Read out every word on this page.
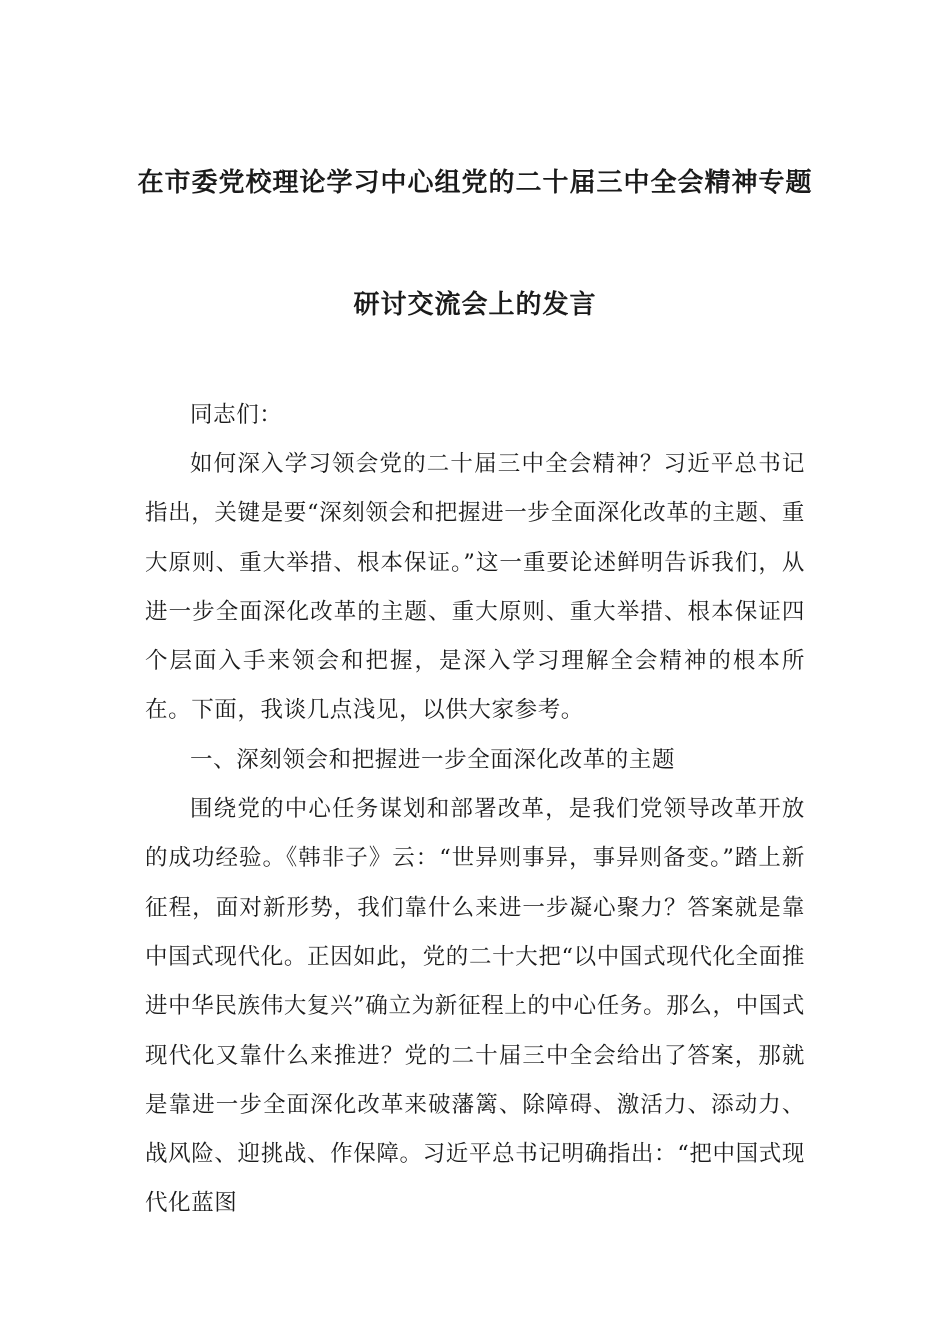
在市委党校理论学习中心组党的二十届三中全会精神专题
研讨交流会上的发言

同志们：

如何深入学习领会党的二十届三中全会精神？习近平总书记指出，关键是要“深刻领会和把握进一步全面深化改革的主题、重大原则、重大举措、根本保证。”这一重要论述鲜明告诉我们，从进一步全面深化改革的主题、重大原则、重大举措、根本保证四个层面入手来领会和把握，是深入学习理解全会精神的根本所在。下面，我谈几点浅见，以供大家参考。

一、深刻领会和把握进一步全面深化改革的主题

围绕党的中心任务谋划和部署改革，是我们党领导改革开放的成功经验。《韩非子》云：“世异则事异，事异则备变。”踏上新征程，面对新形势，我们靠什么来进一步凝心聚力？答案就是靠中国式现代化。正因如此，党的二十大把“以中国式现代化全面推进中华民族伟大复兴”确立为新征程上的中心任务。那么，中国式现代化又靠什么来推进？党的二十届三中全会给出了答案，那就是靠进一步全面深化改革来破藩篱、除障碍、激活力、添动力、战风险、迎挑战、作保障。习近平总书记明确指出：“把中国式现代化蓝图
